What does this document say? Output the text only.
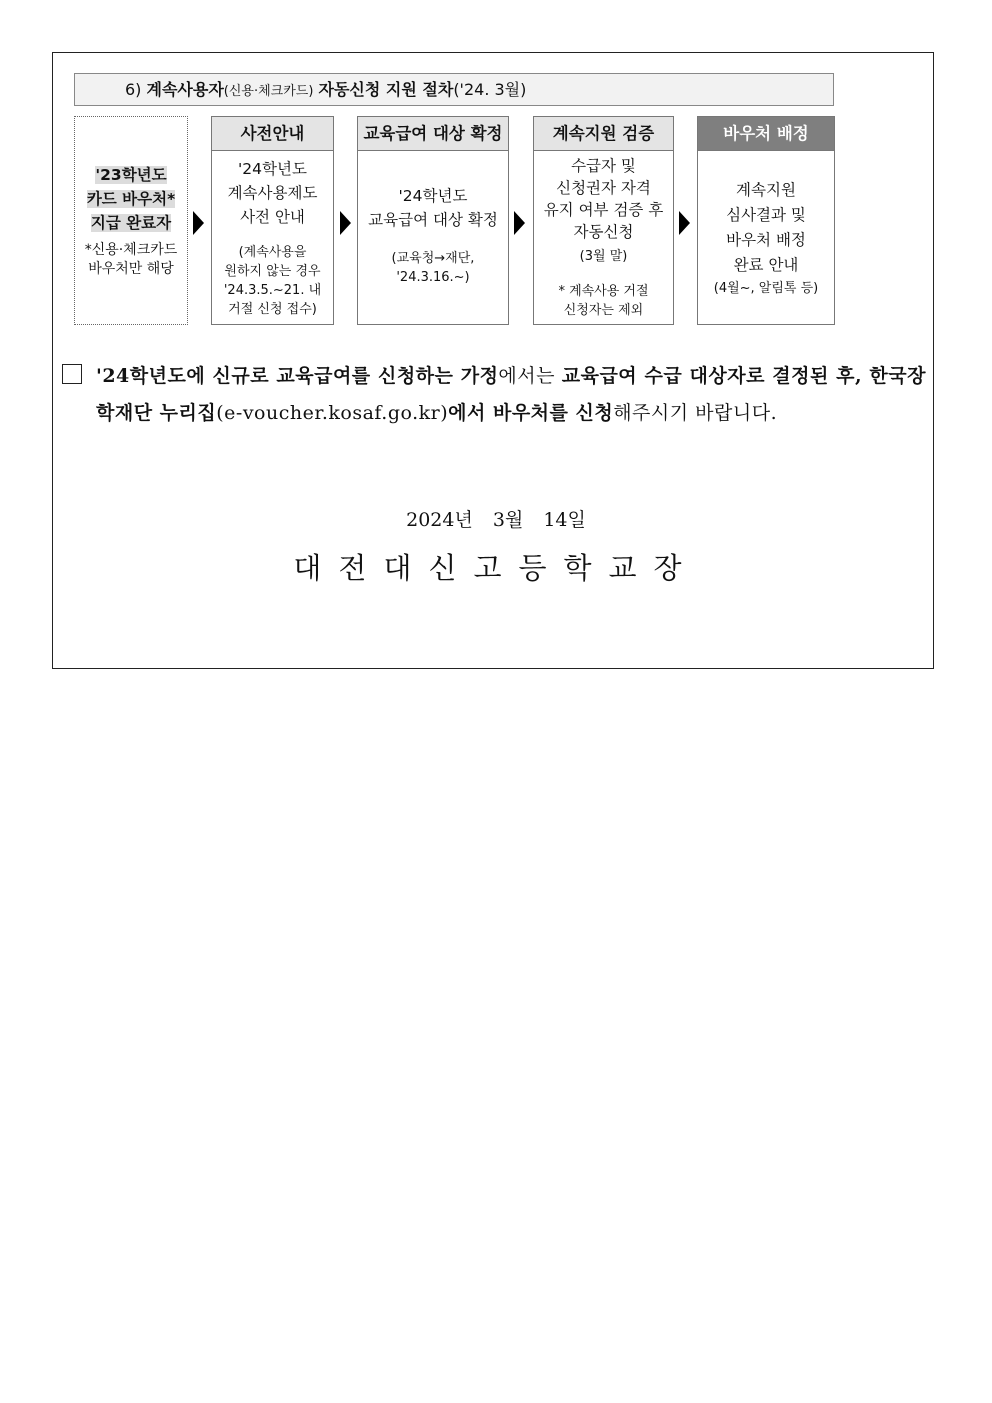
6) 계속사용자(신용·체크카드) 자동신청 지원 절차('24. 3월)
'23학년도
카드 바우처*
지급 완료자
*신용·체크카드
바우처만 해당
사전안내
'24학년도
계속사용제도
사전 안내
(계속사용을
원하지 않는 경우
'24.3.5.~21. 내
거절 신청 접수)
교육급여 대상 확정
'24학년도
교육급여 대상 확정
(교육청→재단,
'24.3.16.~)
계속지원 검증
수급자 및
신청권자 자격
유지 여부 검증 후
자동신청
(3월 말)
* 계속사용 거절
신청자는 제외
바우처 배정
계속지원
심사결과 및
바우처 배정
완료 안내
(4월~, 알림톡 등)
'24학년도에 신규로 교육급여를 신청하는 가정에서는 교육급여 수급 대상자로 결정된 후, 한국장학재단 누리집(e-voucher.kosaf.go.kr)에서 바우처를 신청해주시기 바랍니다.
2024년 3월 14일
대전대신고등학교장
